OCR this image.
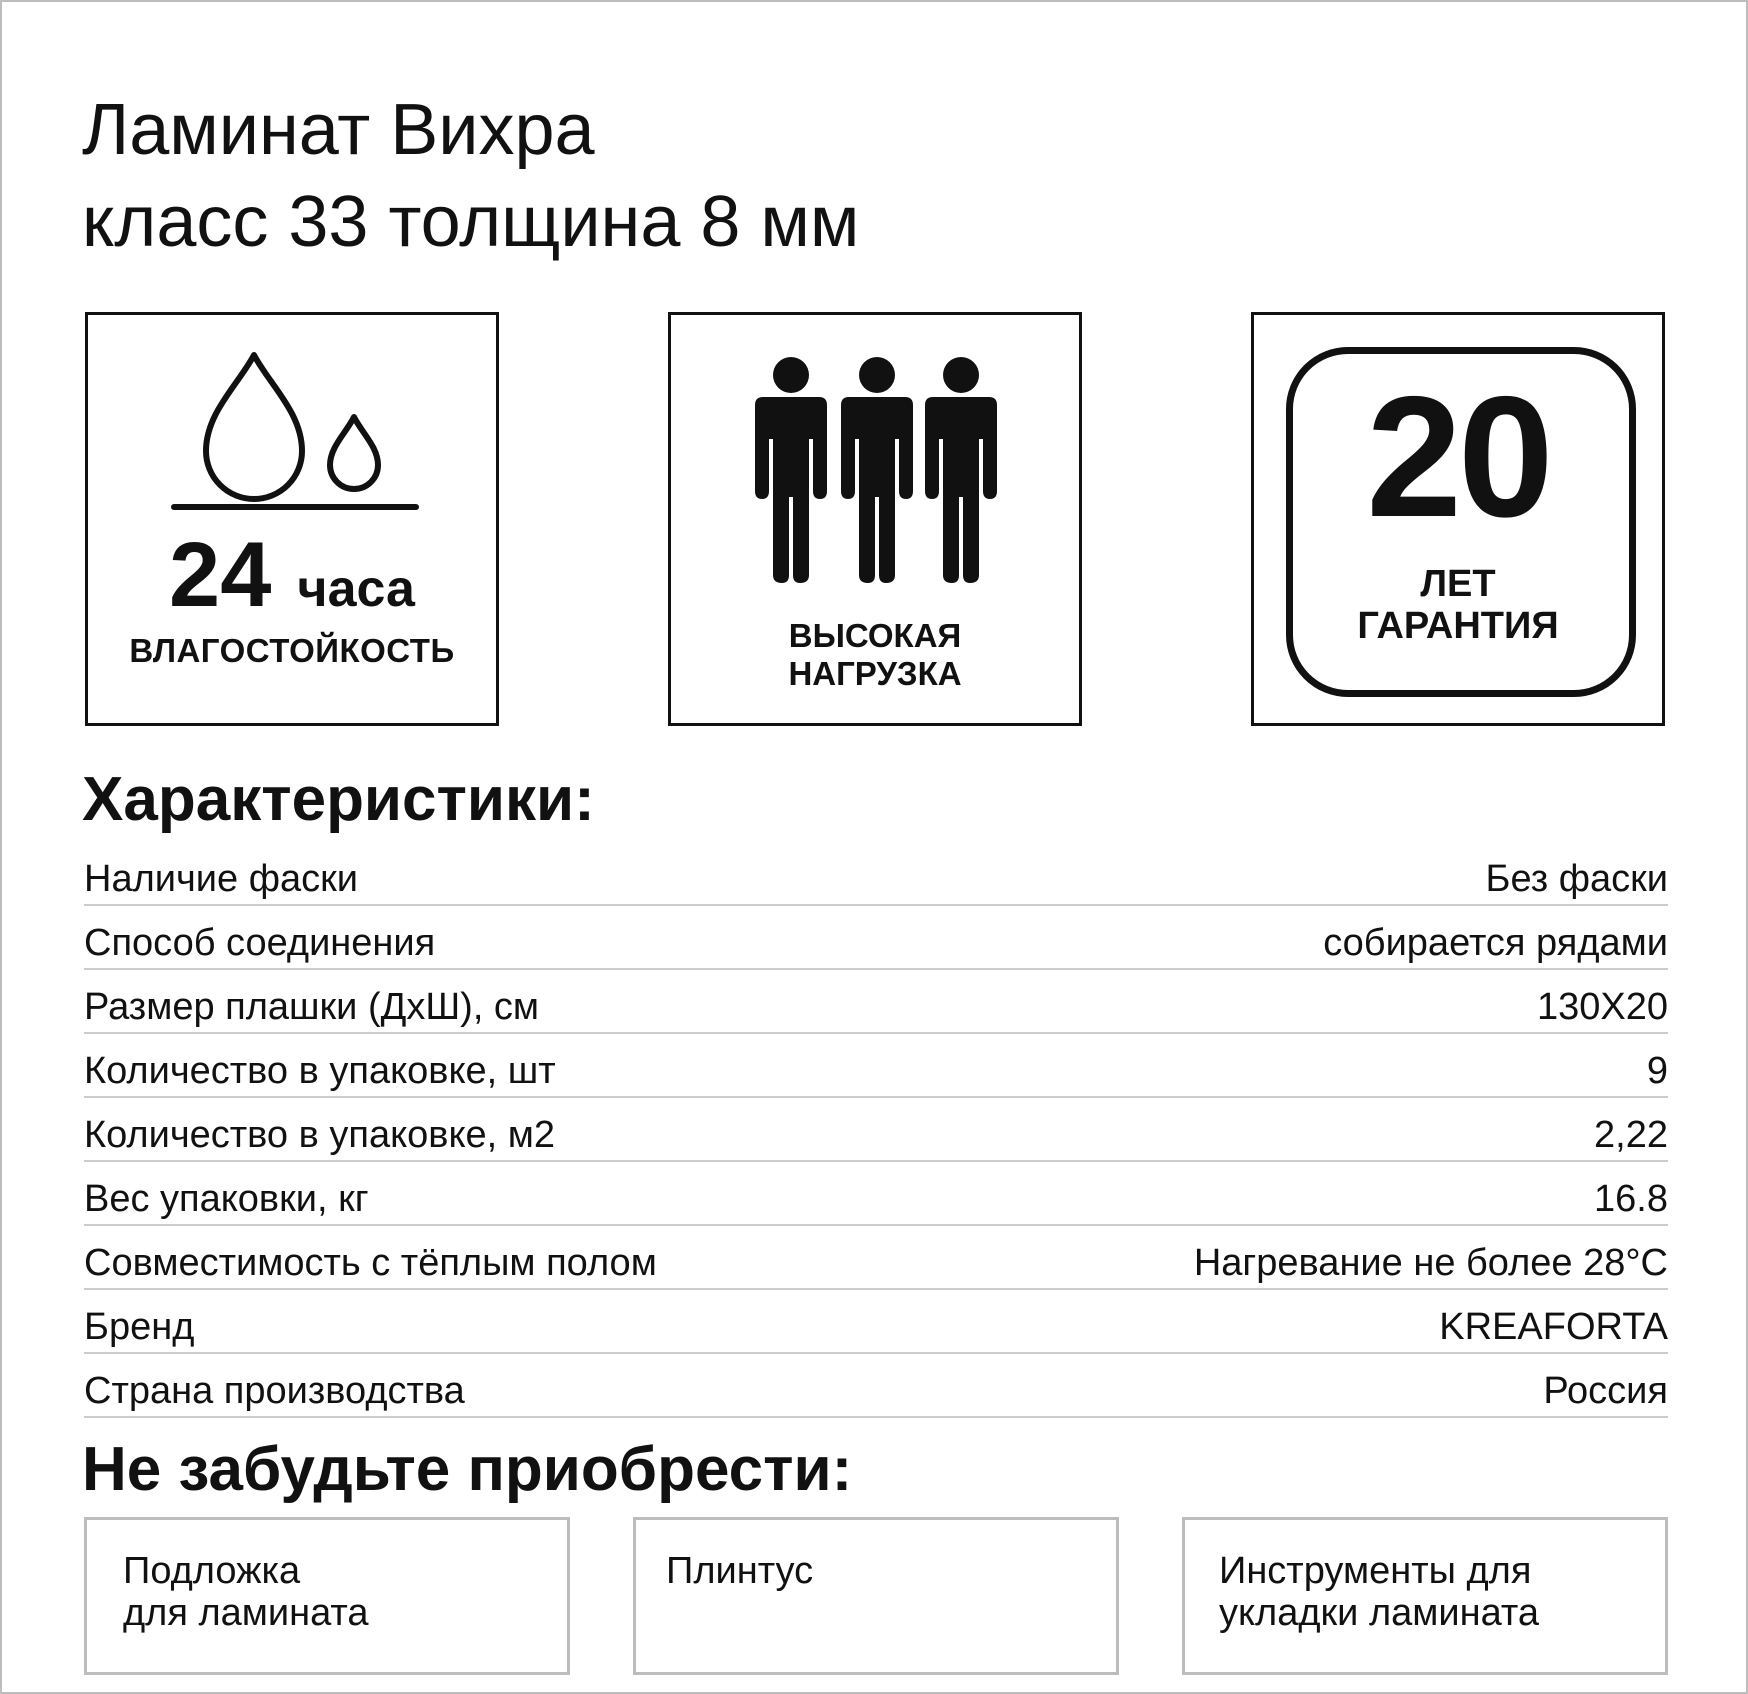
Ламинат Вихра
класс 33 толщина 8 мм
24 часа
ВЛАГОСТОЙКОСТЬ	ВЫСОКАЯ
НАГРУЗКА
20
ЛЕТ
ГАРАНТИЯ
Характеристики:
Наличие фаски	Без фаски
Способ соединения	собирается рядами
Размер плашки (ДхШ), см	130Х20
Количество в упаковке, шт	9
Количество в упаковке, м2	2,22
Вес упаковки, кг	16.8
Совместимость с тёплым полом	Нагревание не более 28°С
Бренд	KREAFORTA
Страна производства	Россия
Не забудьте приобрести:
Подложка
для ламината
Плинтус	Инструменты для
укладки ламината
